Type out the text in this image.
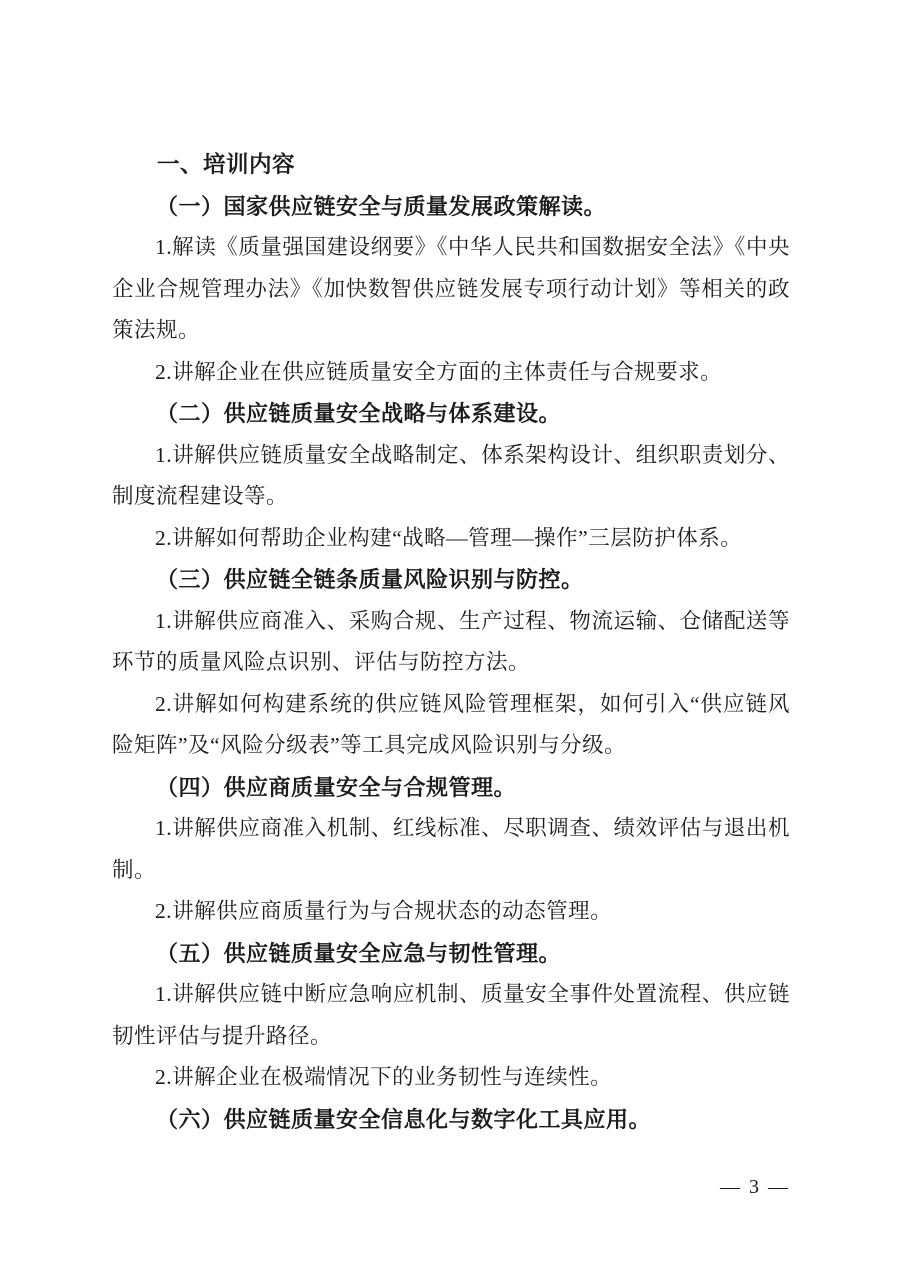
一、培训内容

（一）国家供应链安全与质量发展政策解读。

1.解读《质量强国建设纲要》《中华人民共和国数据安全法》《中央企业合规管理办法》《加快数智供应链发展专项行动计划》等相关的政策法规。

2.讲解企业在供应链质量安全方面的主体责任与合规要求。

（二）供应链质量安全战略与体系建设。

1.讲解供应链质量安全战略制定、体系架构设计、组织职责划分、制度流程建设等。

2.讲解如何帮助企业构建“战略—管理—操作”三层防护体系。

（三）供应链全链条质量风险识别与防控。

1.讲解供应商准入、采购合规、生产过程、物流运输、仓储配送等环节的质量风险点识别、评估与防控方法。

2.讲解如何构建系统的供应链风险管理框架，如何引入“供应链风险矩阵”及“风险分级表”等工具完成风险识别与分级。

（四）供应商质量安全与合规管理。

1.讲解供应商准入机制、红线标准、尽职调查、绩效评估与退出机制。

2.讲解供应商质量行为与合规状态的动态管理。

（五）供应链质量安全应急与韧性管理。

1.讲解供应链中断应急响应机制、质量安全事件处置流程、供应链韧性评估与提升路径。

2.讲解企业在极端情况下的业务韧性与连续性。

（六）供应链质量安全信息化与数字化工具应用。

— 3 —
